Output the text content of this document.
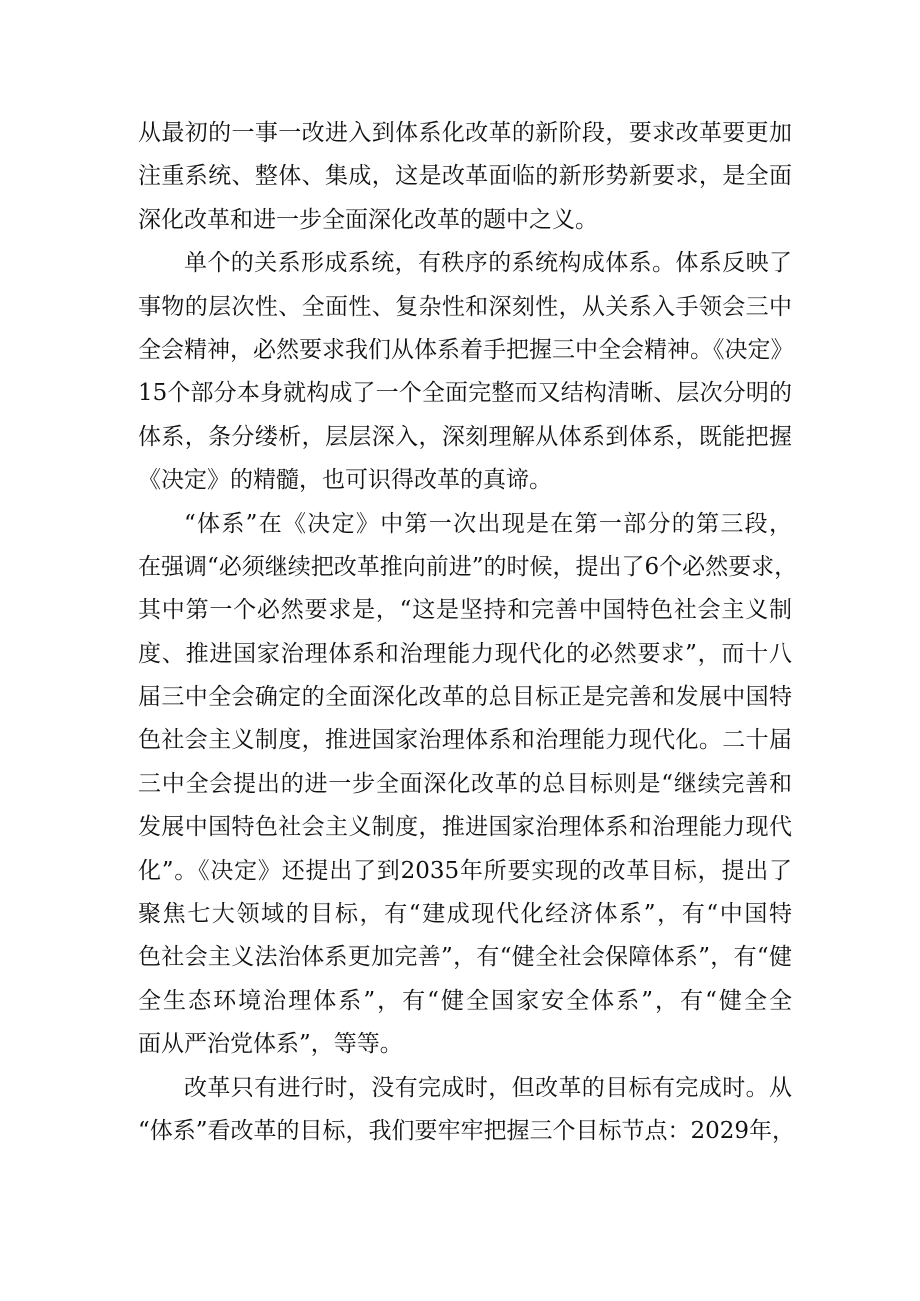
从最初的一事一改进入到体系化改革的新阶段，要求改革要更加
注重系统、整体、集成，这是改革面临的新形势新要求，是全面
深化改革和进一步全面深化改革的题中之义。
单个的关系形成系统，有秩序的系统构成体系。体系反映了
事物的层次性、全面性、复杂性和深刻性，从关系入手领会三中
全会精神，必然要求我们从体系着手把握三中全会精神。《决定》
15个部分本身就构成了一个全面完整而又结构清晰、层次分明的
体系，条分缕析，层层深入，深刻理解从体系到体系，既能把握
《决定》的精髓，也可识得改革的真谛。
“体系”在《决定》中第一次出现是在第一部分的第三段，
在强调“必须继续把改革推向前进”的时候，提出了6个必然要求，
其中第一个必然要求是，“这是坚持和完善中国特色社会主义制
度、推进国家治理体系和治理能力现代化的必然要求”，而十八
届三中全会确定的全面深化改革的总目标正是完善和发展中国特
色社会主义制度，推进国家治理体系和治理能力现代化。二十届
三中全会提出的进一步全面深化改革的总目标则是“继续完善和
发展中国特色社会主义制度，推进国家治理体系和治理能力现代
化”。《决定》还提出了到2035年所要实现的改革目标，提出了
聚焦七大领域的目标，有“建成现代化经济体系”，有“中国特
色社会主义法治体系更加完善”，有“健全社会保障体系”，有“健
全生态环境治理体系”，有“健全国家安全体系”，有“健全全
面从严治党体系”，等等。
改革只有进行时，没有完成时，但改革的目标有完成时。从
“体系”看改革的目标，我们要牢牢把握三个目标节点：2029年，
